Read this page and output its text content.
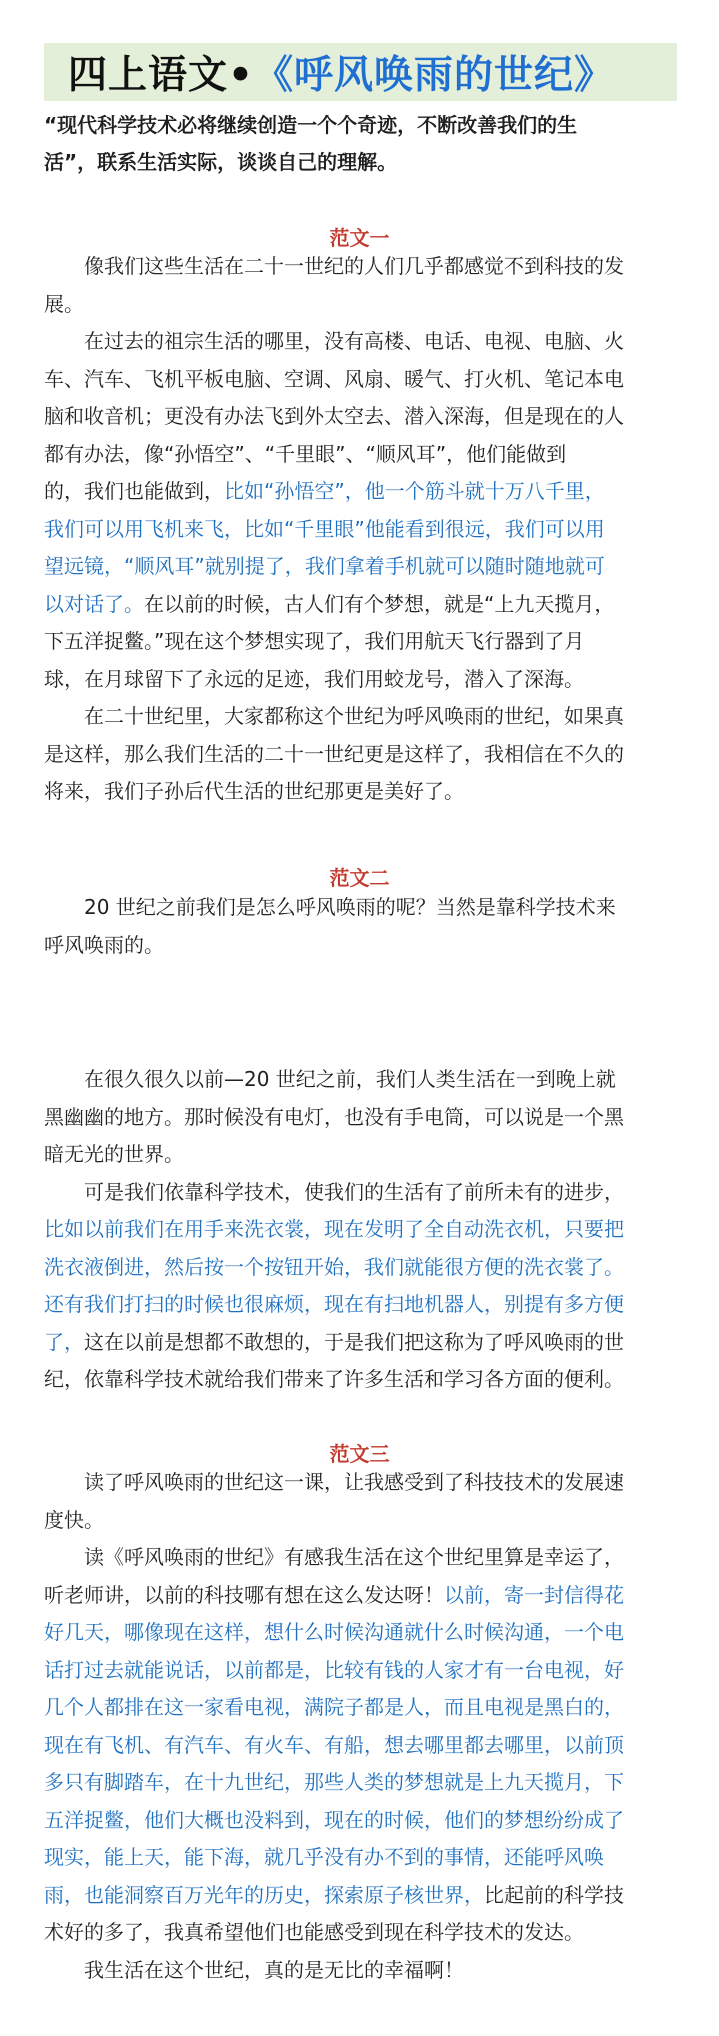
四上语文• 《呼风唤雨的世纪》

“现代科学技术必将继续创造一个个奇迹，不断改善我们的生

活”，联系生活实际，谈谈自己的理解。

范文一

　　像我们这些生活在二十一世纪的人们几乎都感觉不到科技的发

展。

　　在过去的祖宗生活的哪里，没有高楼、电话、电视、电脑、火

车、汽车、飞机平板电脑、空调、风扇、暖气、打火机、笔记本电

脑和收音机；更没有办法飞到外太空去、潜入深海，但是现在的人

都有办法，像“孙悟空”、“千里眼”、“顺风耳”，他们能做到

的，我们也能做到，比如“孙悟空”，他一个筋斗就十万八千里，

我们可以用飞机来飞，比如“千里眼”他能看到很远，我们可以用

望远镜，“顺风耳”就别提了，我们拿着手机就可以随时随地就可

以对话了。在以前的时候，古人们有个梦想，就是“上九天揽月，

下五洋捉鳖。”现在这个梦想实现了，我们用航天飞行器到了月

球，在月球留下了永远的足迹，我们用蛟龙号，潜入了深海。

　　在二十世纪里，大家都称这个世纪为呼风唤雨的世纪，如果真

是这样，那么我们生活的二十一世纪更是这样了，我相信在不久的

将来，我们子孙后代生活的世纪那更是美好了。

范文二

　　20 世纪之前我们是怎么呼风唤雨的呢？当然是靠科学技术来

呼风唤雨的。

　　在很久很久以前—20 世纪之前，我们人类生活在一到晚上就

黑幽幽的地方。那时候没有电灯，也没有手电筒，可以说是一个黑

暗无光的世界。

　　可是我们依靠科学技术，使我们的生活有了前所未有的进步，

比如以前我们在用手来洗衣裳，现在发明了全自动洗衣机，只要把

洗衣液倒进，然后按一个按钮开始，我们就能很方便的洗衣裳了。

还有我们打扫的时候也很麻烦，现在有扫地机器人，别提有多方便

了，这在以前是想都不敢想的，于是我们把这称为了呼风唤雨的世

纪，依靠科学技术就给我们带来了许多生活和学习各方面的便利。

范文三

　　读了呼风唤雨的世纪这一课，让我感受到了科技技术的发展速

度快。

　　读《呼风唤雨的世纪》有感我生活在这个世纪里算是幸运了，

听老师讲，以前的科技哪有想在这么发达呀！以前，寄一封信得花

好几天，哪像现在这样，想什么时候沟通就什么时候沟通，一个电

话打过去就能说话，以前都是，比较有钱的人家才有一台电视，好

几个人都排在这一家看电视，满院子都是人，而且电视是黑白的，

现在有飞机、有汽车、有火车、有船，想去哪里都去哪里，以前顶

多只有脚踏车，在十九世纪，那些人类的梦想就是上九天揽月，下

五洋捉鳖，他们大概也没料到，现在的时候，他们的梦想纷纷成了

现实，能上天，能下海，就几乎没有办不到的事情，还能呼风唤

雨，也能洞察百万光年的历史，探索原子核世界，比起前的科学技

术好的多了，我真希望他们也能感受到现在科学技术的发达。

　　我生活在这个世纪，真的是无比的幸福啊！
